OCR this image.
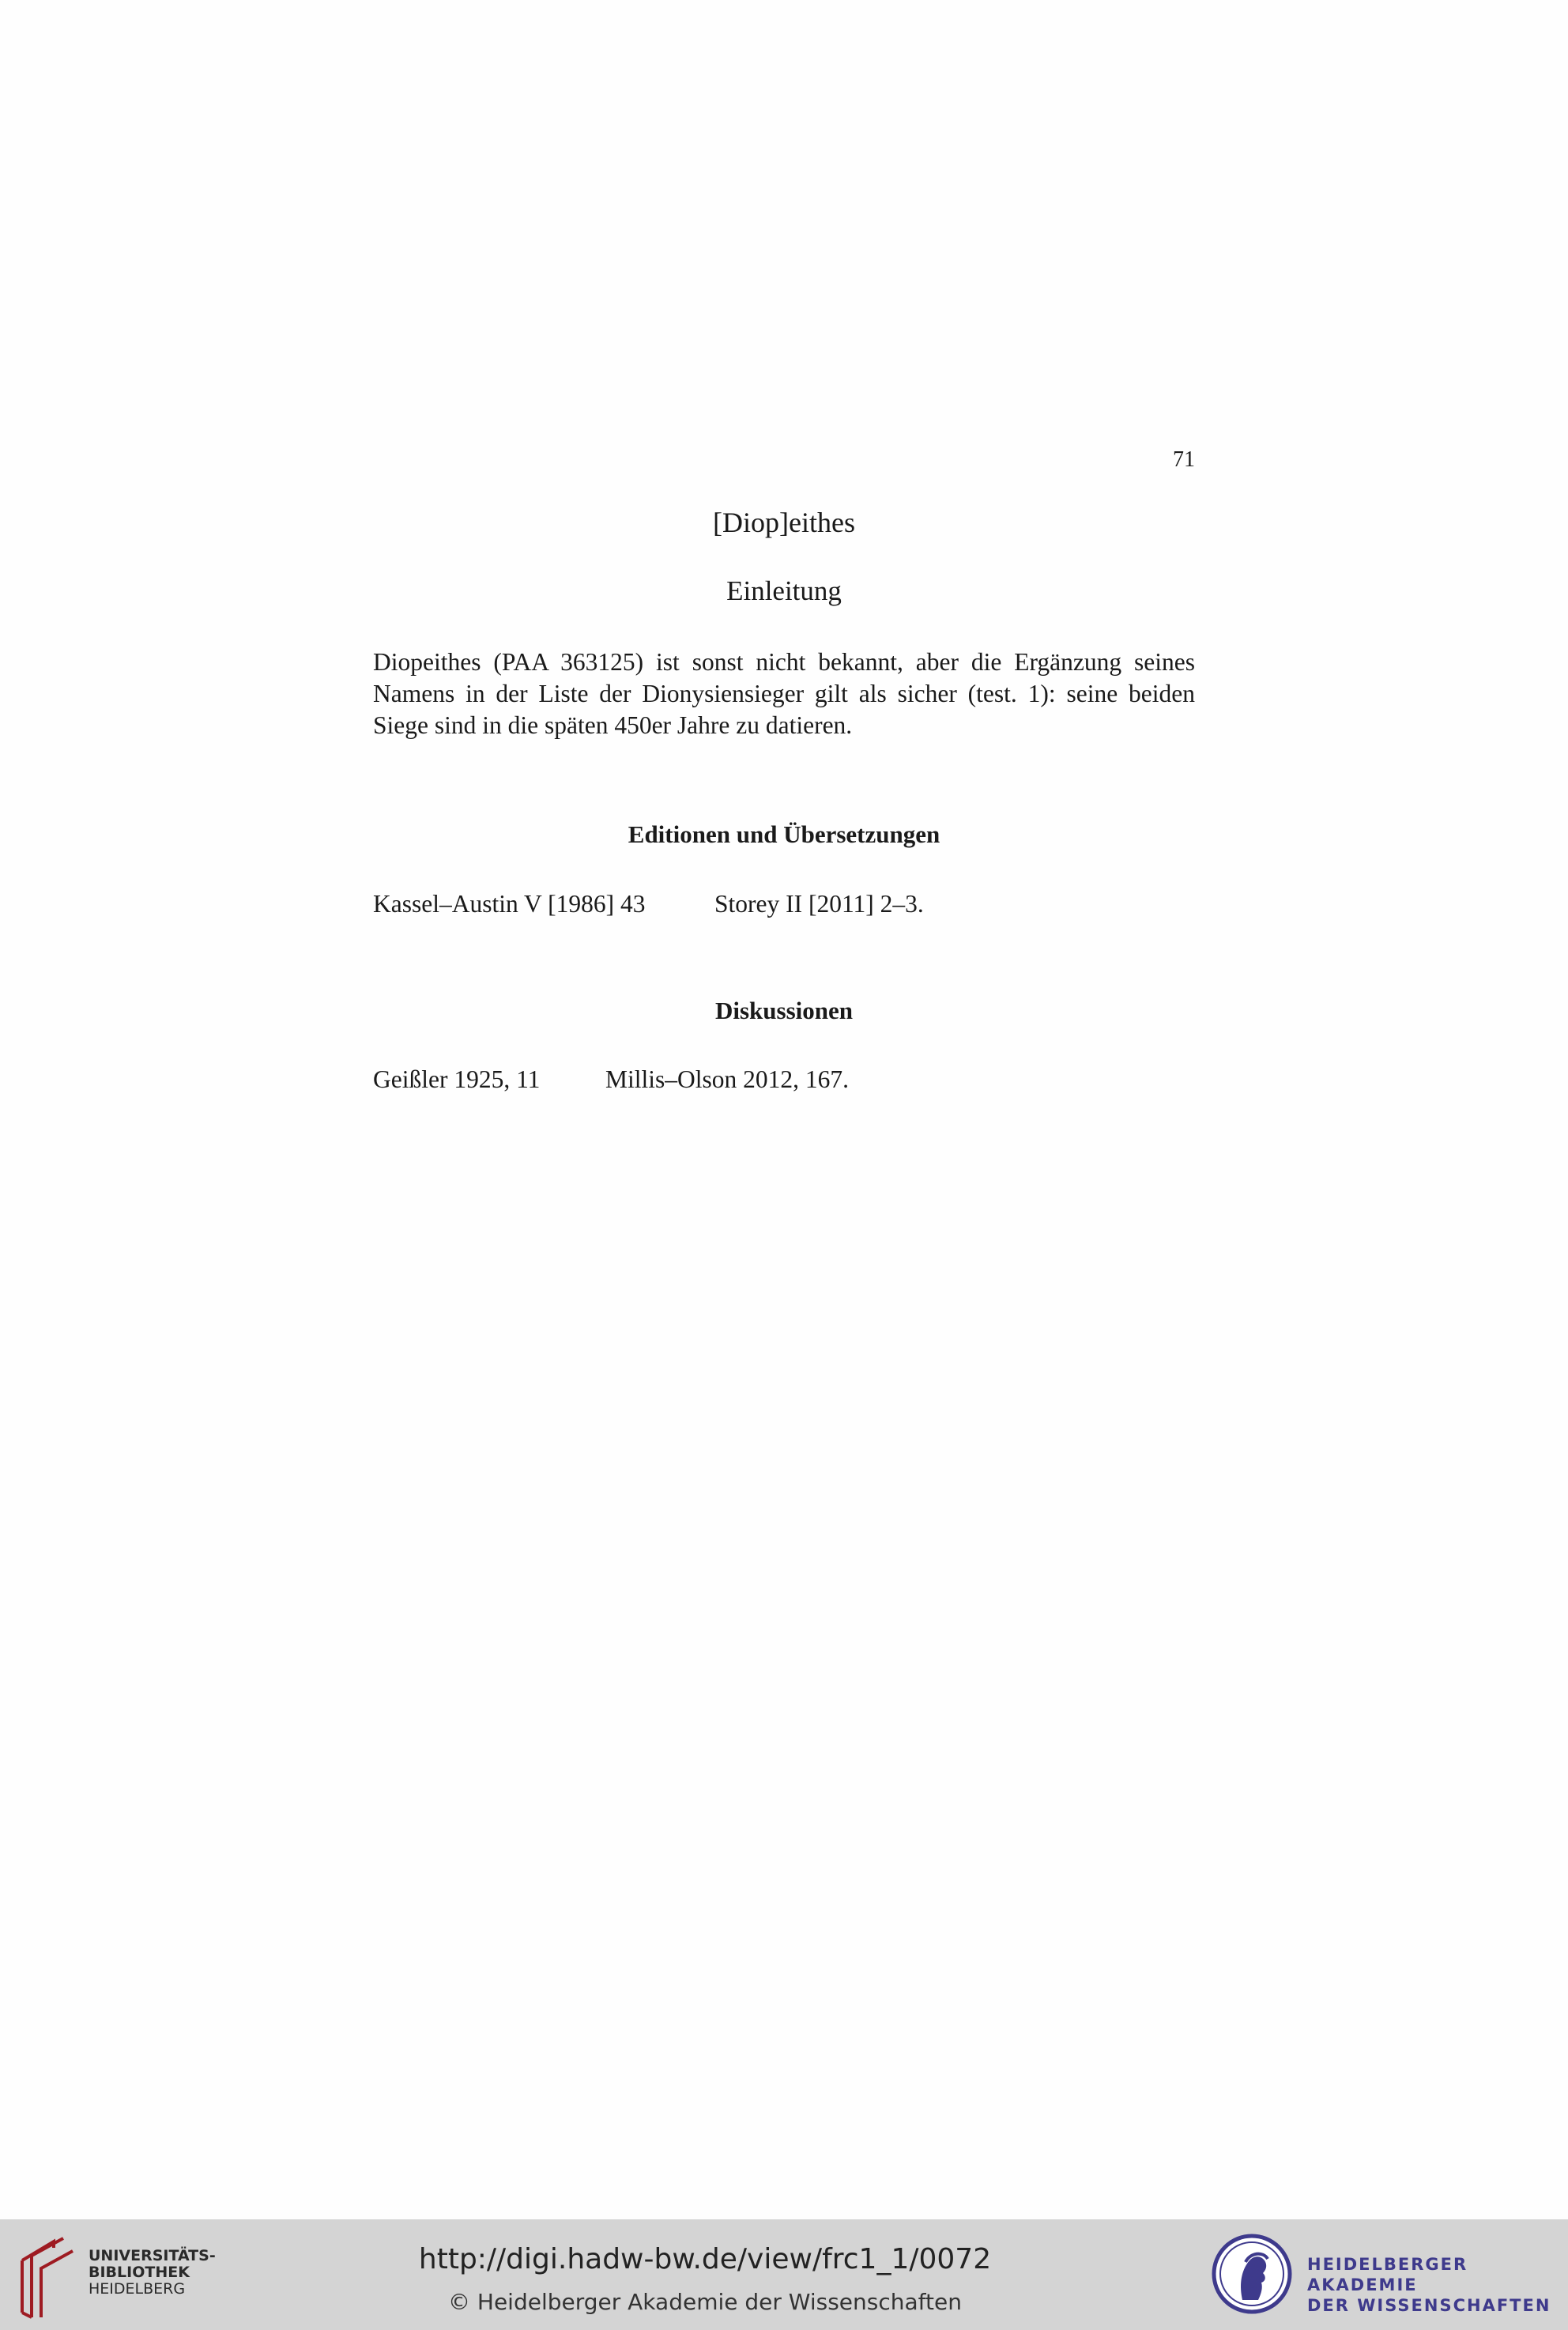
71
[Diop]eithes
Einleitung
Diopeithes (PAA 363125) ist sonst nicht bekannt, aber die Ergänzung seines
Namens in der Liste der Dionysiensieger gilt als sicher (test. 1): seine beiden
Siege sind in die späten 450er Jahre zu datieren.
Editionen und Übersetzungen
Kassel–Austin V [1986] 43	Storey II [2011] 2–3.
Diskussionen
Geißler 1925, 11	Millis–Olson 2012, 167.
UNIVERSITÄTS-
BIBLIOTHEK
HEIDELBERG
http://digi.hadw-bw.de/view/frc1_1/0072
© Heidelberger Akademie der Wissenschaften
HEIDELBERGER AKADEMIE
DER WISSENSCHAFTEN
